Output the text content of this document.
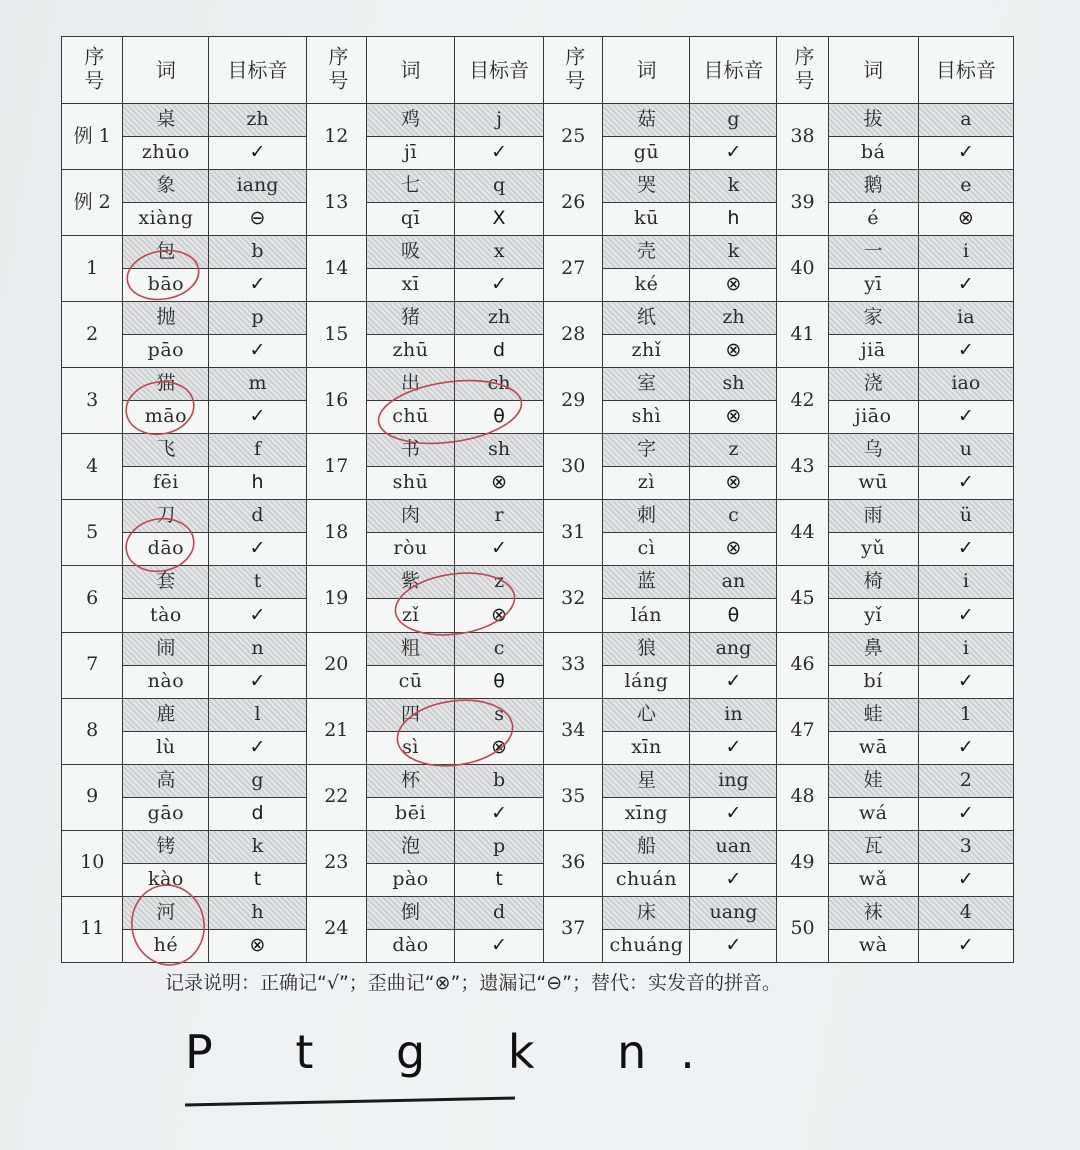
序号	词	目标音	序号	词	目标音	序号	词	目标音	序号	词	目标音
例 1	桌	zh	12	鸡	j	25	菇	g	38	拔	a
	zhūo	✓		jī	✓		gū	✓		bá	✓
例 2	象	iang	13	七	q	26	哭	k	39	鹅	e
	xiàng	⊖		qī	X		kū	h		é	⊗
1	包	b	14	吸	x	27	壳	k	40	一	i
	bāo	✓		xī	✓		ké	⊗		yī	✓
2	抛	p	15	猪	zh	28	纸	zh	41	家	ia
	pāo	✓		zhū	d		zhǐ	⊗		jiā	✓
3	猫	m	16	出	ch	29	室	sh	42	浇	iao
	māo	✓		chū	θ		shì	⊗		jiāo	✓
4	飞	f	17	书	sh	30	字	z	43	乌	u
	fēi	h		shū	⊗		zì	⊗		wū	✓
5	刀	d	18	肉	r	31	刺	c	44	雨	ü
	dāo	✓		ròu	✓		cì	⊗		yǔ	✓
6	套	t	19	紫	z	32	蓝	an	45	椅	i
	tào	✓		zǐ	⊗		lán	θ		yǐ	✓
7	闹	n	20	粗	c	33	狼	ang	46	鼻	i
	nào	✓		cū	θ		láng	✓		bí	✓
8	鹿	l	21	四	s	34	心	in	47	蛙	1
	lù	✓		sì	⊗		xīn	✓		wā	✓
9	高	g	22	杯	b	35	星	ing	48	娃	2
	gāo	d		bēi	✓		xīng	✓		wá	✓
10	铐	k	23	泡	p	36	船	uan	49	瓦	3
	kào	t		pào	t		chuán	✓		wǎ	✓
11	河	h	24	倒	d	37	床	uang	50	袜	4
	hé	⊗		dào	✓		chuáng	✓		wà	✓
记录说明：正确记“√”；歪曲记“⊗”；遗漏记“⊖”；替代：实发音的拼音。
P t g k n.
